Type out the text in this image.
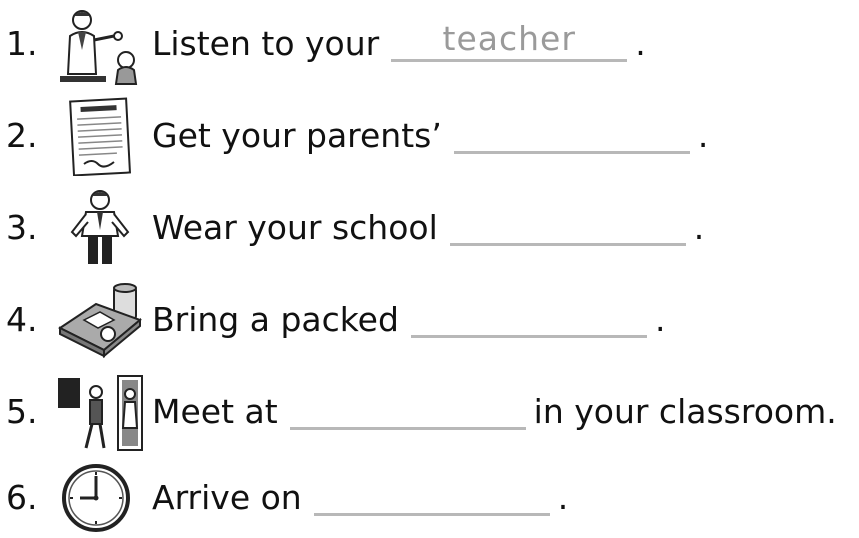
1.	Listen to your	teacher	.
2.	Get your parents’	.
3.	Wear your school	.
4.	Bring a packed	.
5.	Meet at	in your classroom.
6.	Arrive on	.
